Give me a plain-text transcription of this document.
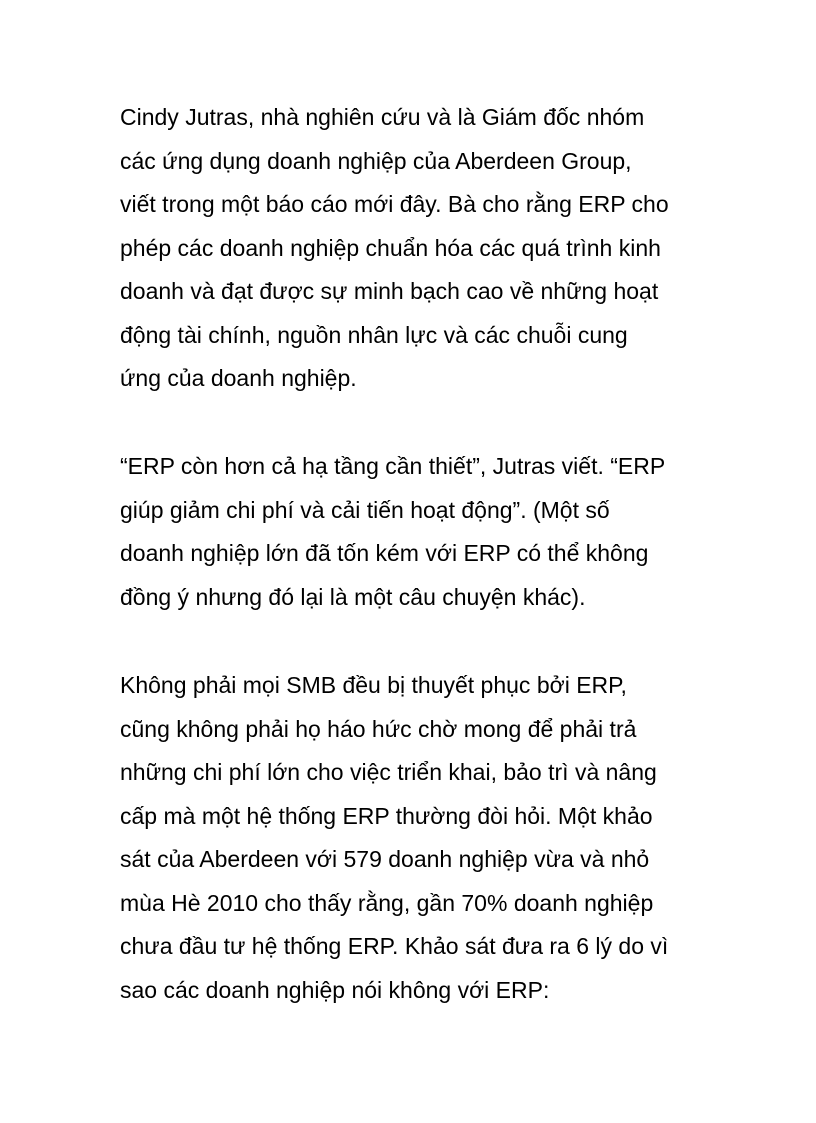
Cindy Jutras, nhà nghiên cứu và là Giám đốc nhóm
các ứng dụng doanh nghiệp của Aberdeen Group,
viết trong một báo cáo mới đây. Bà cho rằng ERP cho
phép các doanh nghiệp chuẩn hóa các quá trình kinh
doanh và đạt được sự minh bạch cao về những hoạt
động tài chính, nguồn nhân lực và các chuỗi cung
ứng của doanh nghiệp.
“ERP còn hơn cả hạ tầng cần thiết”, Jutras viết. “ERP
giúp giảm chi phí và cải tiến hoạt động”. (Một số
doanh nghiệp lớn đã tốn kém với ERP có thể không
đồng ý nhưng đó lại là một câu chuyện khác).
Không phải mọi SMB đều bị thuyết phục bởi ERP,
cũng không phải họ háo hức chờ mong để phải trả
những chi phí lớn cho việc triển khai, bảo trì và nâng
cấp mà một hệ thống ERP thường đòi hỏi. Một khảo
sát của Aberdeen với 579 doanh nghiệp vừa và nhỏ
mùa Hè 2010 cho thấy rằng, gần 70% doanh nghiệp
chưa đầu tư hệ thống ERP. Khảo sát đưa ra 6 lý do vì
sao các doanh nghiệp nói không với ERP:
